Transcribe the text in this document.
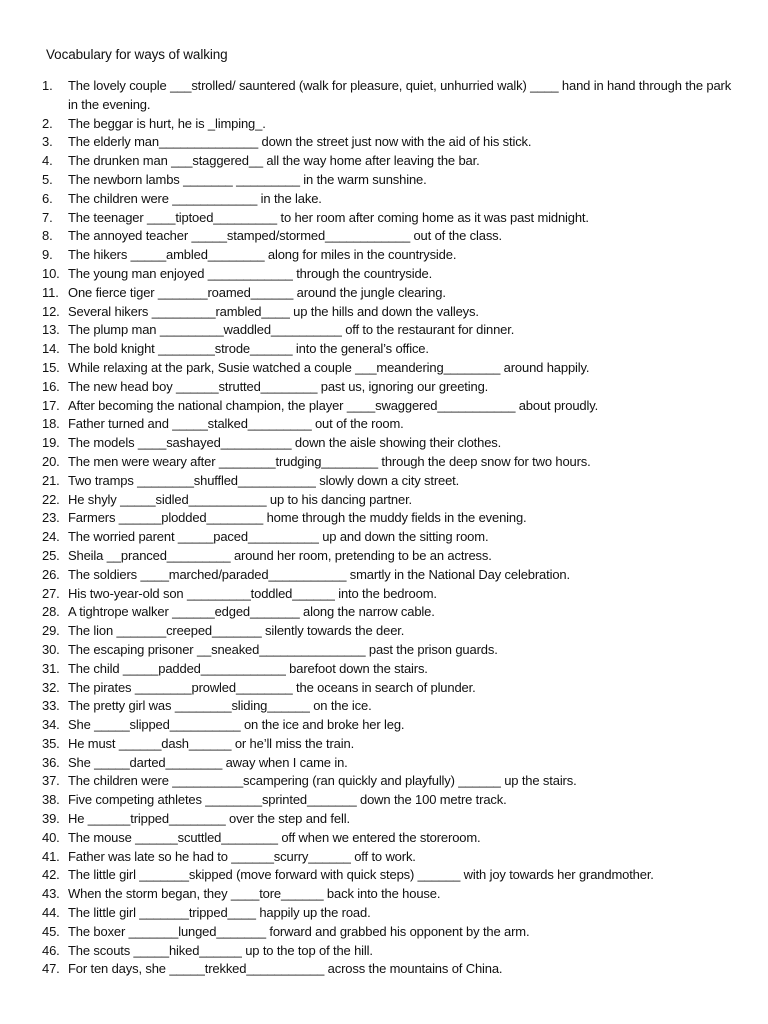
Vocabulary for ways of walking
1.	The lovely couple ___strolled/ sauntered (walk for pleasure, quiet, unhurried walk) ____ hand in hand through the park in the evening.
2.	The beggar is hurt, he is _limping_.
3.	The elderly man______________ down the street just now with the aid of his stick.
4.	The drunken man ___staggered__ all the way home after leaving the bar.
5.	The newborn lambs _______ _________ in the warm sunshine.
6.	The children were ____________ in the lake.
7.	The teenager ____tiptoed_________ to her room after coming home as it was past midnight.
8.	The annoyed teacher _____stamped/stormed____________ out of the class.
9.	The hikers _____ambled________ along for miles in the countryside.
10. The young man enjoyed ____________ through the countryside.
11. One fierce tiger _______roamed______ around the jungle clearing.
12. Several hikers _________rambled____ up the hills and down the valleys.
13. The plump man _________waddled__________ off to the restaurant for dinner.
14. The bold knight ________strode______ into the general’s office.
15. While relaxing at the park, Susie watched a couple ___meandering________ around happily.
16. The new head boy ______strutted________ past us, ignoring our greeting.
17. After becoming the national champion, the player ____swaggered___________ about proudly.
18. Father turned and _____stalked_________ out of the room.
19. The models ____sashayed__________ down the aisle showing their clothes.
20. The men were weary after ________trudging________ through the deep snow for two hours.
21. Two tramps ________shuffled___________ slowly down a city street.
22. He shyly _____sidled___________ up to his dancing partner.
23. Farmers ______plodded________ home through the muddy fields in the evening.
24. The worried parent _____paced__________ up and down the sitting room.
25. Sheila __pranced_________ around her room, pretending to be an actress.
26. The soldiers ____marched/paraded___________ smartly in the National Day celebration.
27. His two-year-old son _________toddled______ into the bedroom.
28. A tightrope walker ______edged_______ along the narrow cable.
29. The lion _______creeped_______ silently towards the deer.
30. The escaping prisoner __sneaked_______________ past the prison guards.
31. The child _____padded____________ barefoot down the stairs.
32. The pirates ________prowled________ the oceans in search of plunder.
33. The pretty girl was ________sliding______ on the ice.
34. She _____slipped__________ on the ice and broke her leg.
35. He must ______dash______ or he’ll miss the train.
36. She _____darted________ away when I came in.
37. The children were __________scampering (ran quickly and playfully) ______ up the stairs.
38. Five competing athletes ________sprinted_______ down the 100 metre track.
39. He ______tripped________ over the step and fell.
40. The mouse ______scuttled________ off when we entered the storeroom.
41. Father was late so he had to ______scurry______ off to work.
42. The little girl _______skipped (move forward with quick steps) ______ with joy towards her grandmother.
43. When the storm began, they ____tore______ back into the house.
44. The little girl _______tripped____ happily up the road.
45. The boxer _______lunged_______ forward and grabbed his opponent by the arm.
46. The scouts _____hiked______ up to the top of the hill.
47. For ten days, she _____trekked___________ across the mountains of China.
